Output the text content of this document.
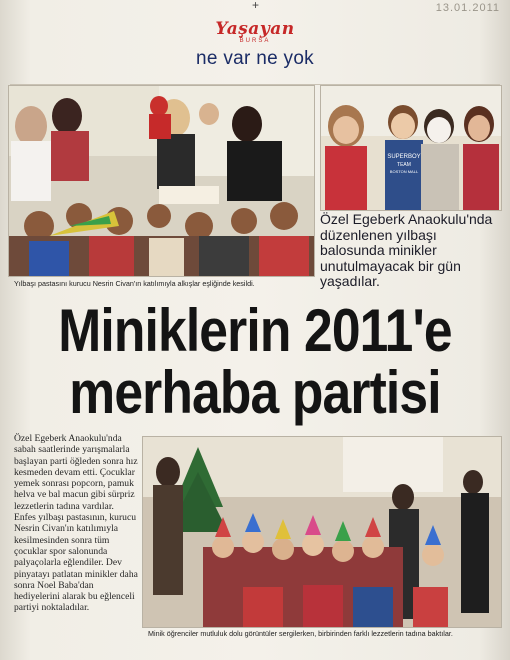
+	13.01.2011
Yaşayan
BURSA
ne var ne yok
SUPERBOY
TEAM
BOSTON MALL
Özel Egeberk Anaokulu'nda düzenlenen yılbaşı balosunda minikler unutulmayacak bir gün yaşadılar.
Yılbaşı pastasını kurucu Nesrin Civan'ın katılımıyla alkışlar eşliğinde kesildi.
Miniklerin 2011'e
merhaba partisi
Özel Egeberk Anaokulu'nda sabah saatlerinde yarışmalarla başlayan parti öğleden sonra hız kesmeden devam etti. Çocuklar yemek sonrası popcorn, pamuk helva ve bal macun gibi sürpriz lezzetlerin tadına vardılar. Enfes yılbaşı pastasının, kurucu Nesrin Civan'ın katılımıyla kesilmesinden sonra tüm çocuklar spor salonunda palyaçolarla eğlendiler. Dev pinyatayı patlatan minikler daha sonra Noel Baba'dan hediyelerini alarak bu eğlenceli partiyi noktaladılar.
Minik öğrenciler mutluluk dolu görüntüler sergilerken, birbirinden farklı lezzetlerin tadına baktılar.
